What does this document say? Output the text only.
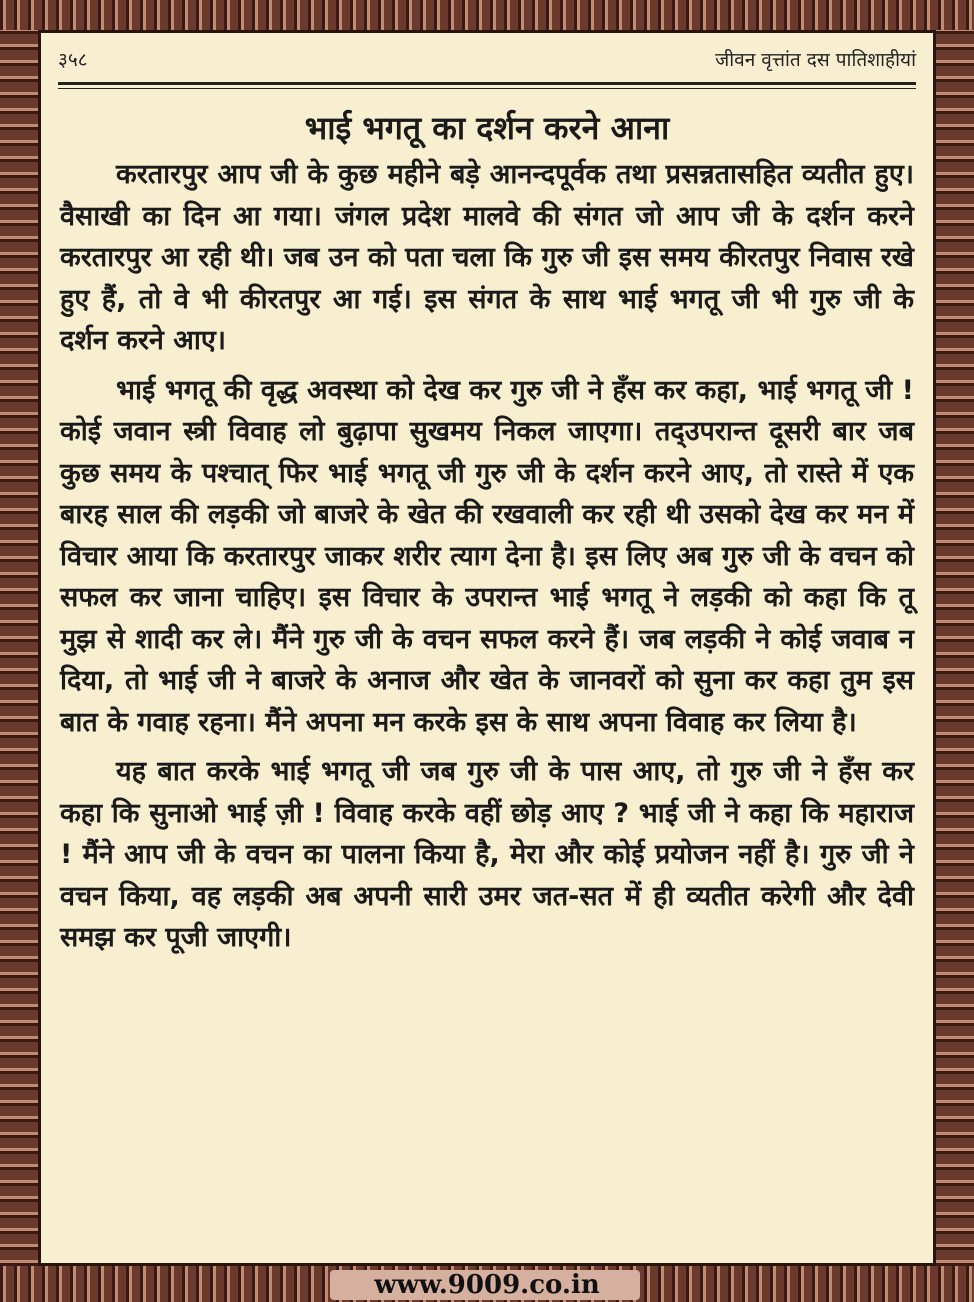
३५८	जीवन वृत्तांत दस पातिशाहीयां
भाई भगतू का दर्शन करने आना

करतारपुर आप जी के कुछ महीने बड़े आनन्दपूर्वक तथा प्रसन्नतासहित व्यतीत हुए। वैसाखी का दिन आ गया। जंगल प्रदेश मालवे की संगत जो आप जी के दर्शन करने करतारपुर आ रही थी। जब उन को पता चला कि गुरु जी इस समय कीरतपुर निवास रखे हुए हैं, तो वे भी कीरतपुर आ गई। इस संगत के साथ भाई भगतू जी भी गुरु जी के दर्शन करने आए।

भाई भगतू की वृद्ध अवस्था को देख कर गुरु जी ने हँस कर कहा, भाई भगतू जी ! कोई जवान स्त्री विवाह लो बुढ़ापा सुखमय निकल जाएगा। तद्उपरान्त दूसरी बार जब कुछ समय के पश्चात् फिर भाई भगतू जी गुरु जी के दर्शन करने आए, तो रास्ते में एक बारह साल की लड़की जो बाजरे के खेत की रखवाली कर रही थी उसको देख कर मन में विचार आया कि करतारपुर जाकर शरीर त्याग देना है। इस लिए अब गुरु जी के वचन को सफल कर जाना चाहिए। इस विचार के उपरान्त भाई भगतू ने लड़की को कहा कि तू मुझ से शादी कर ले। मैंने गुरु जी के वचन सफल करने हैं। जब लड़की ने कोई जवाब न दिया, तो भाई जी ने बाजरे के अनाज और खेत के जानवरों को सुना कर कहा तुम इस बात के गवाह रहना। मैंने अपना मन करके इस के साथ अपना विवाह कर लिया है।

यह बात करके भाई भगतू जी जब गुरु जी के पास आए, तो गुरु जी ने हँस कर कहा कि सुनाओ भाई ज़ी ! विवाह करके वहीं छोड़ आए ? भाई जी ने कहा कि महाराज ! मैंने आप जी के वचन का पालना किया है, मेरा और कोई प्रयोजन नहीं है। गुरु जी ने वचन किया, वह लड़की अब अपनी सारी उमर जत-सत में ही व्यतीत करेगी और देवी समझ कर पूजी जाएगी।

www.9009.co.in
